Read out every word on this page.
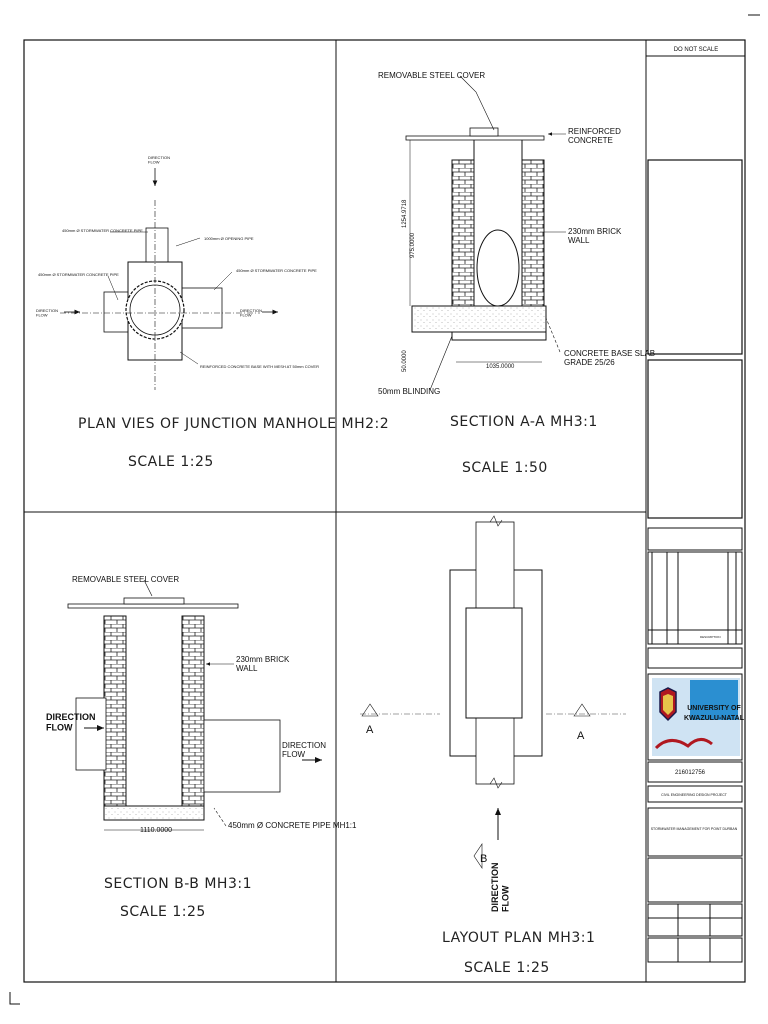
DO NOT SCALE
DESCRIPTION
UNIVERSITY OF
KWAZULU-NATAL
216012756
CIVIL ENGINEERING DESIGN PROJECT
STORMWATER MANAGEMENT FOR POINT DURBAN
DIRECTION FLOW
450mm Ø STORMWATER CONCRETE PIPE
450mm Ø STORMWATER CONCRETE PIPE
450mm Ø STORMWATER CONCRETE PIPE
1000mm Ø OPENING PIPE
DIRECTION FLOW
DIRECTION FLOW
REINFORCED CONCRETE BASE WITH MESH AT 50mm COVER
PLAN VIES OF JUNCTION MANHOLE MH2:2
SCALE 1:25
1254.9718
975.0000
50.0000	1035.0000
REMOVABLE STEEL COVER
REINFORCED CONCRETE
230mm BRICK WALL
CONCRETE BASE SLAB GRADE 25/26
50mm BLINDING
SECTION A-A MH3:1
SCALE 1:50
1110.0000
REMOVABLE STEEL COVER
230mm BRICK WALL
DIRECTION FLOW
DIRECTION FLOW
450mm Ø CONCRETE PIPE MH1:1
SECTION B-B MH3:1
SCALE 1:25
A	A
B
DIRECTIONFLOW
LAYOUT PLAN MH3:1
SCALE 1:25
